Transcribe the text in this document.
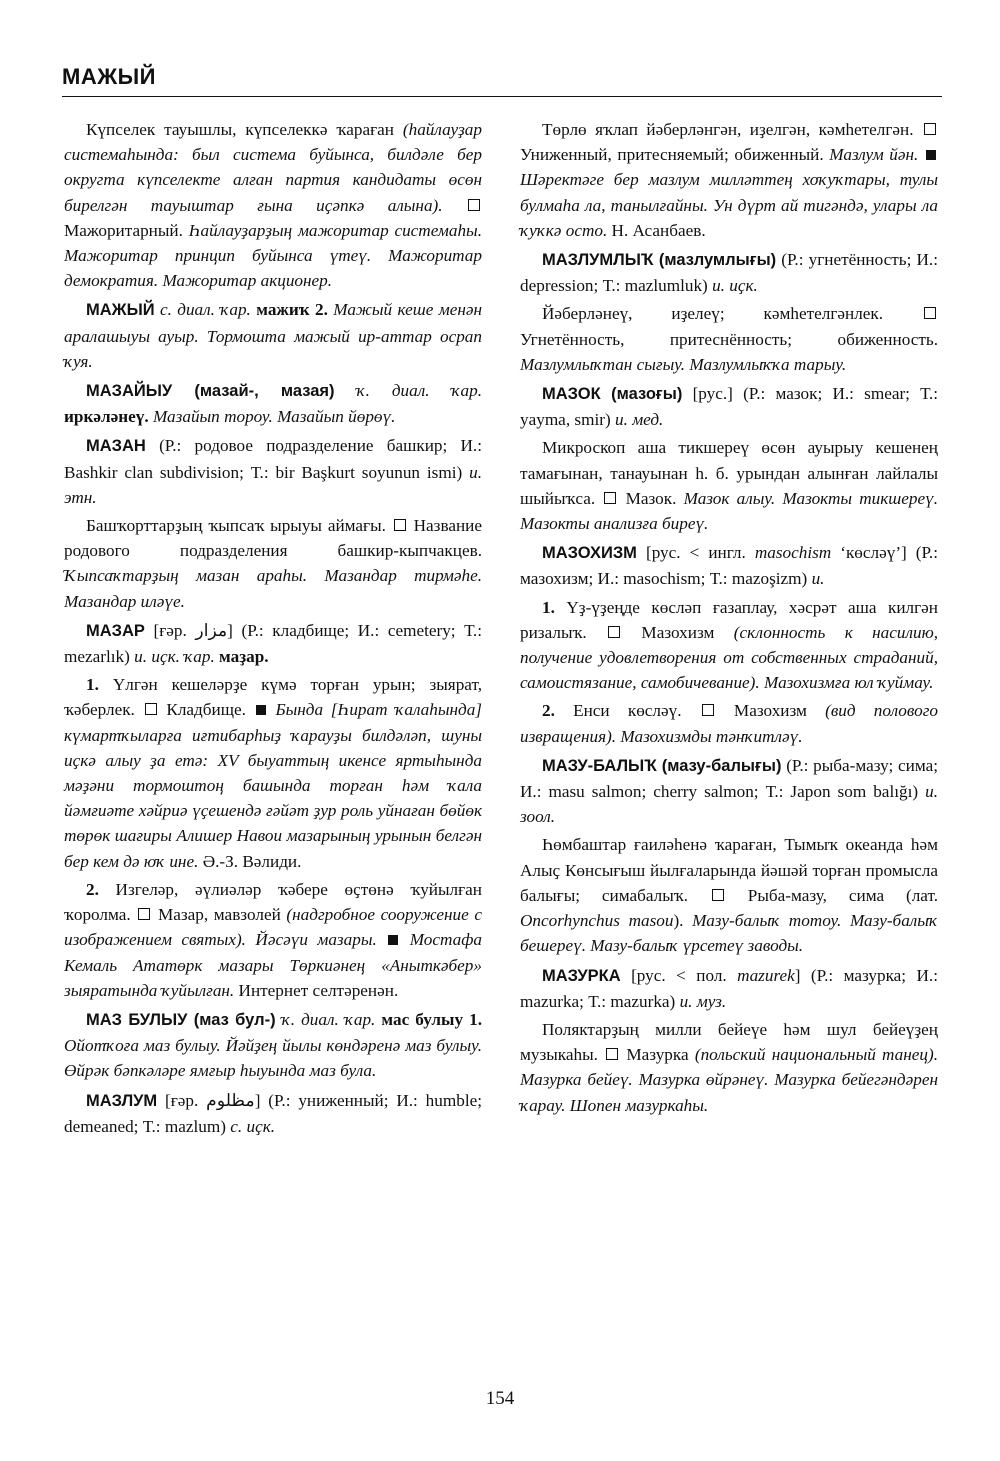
МАЖЫЙ

Күпселек тауышлы, күпселеккә ҡараған (һайлауҙар системаһында: был система буйынса, билдәле бер округта күпселекте алған партия кандидаты өсөн бирелгән тауыштар ғына иҫәпкә алына).  Мажоритарный. Һайлауҙарҙың мажоритар системаһы. Мажоритар принцип буйынса үтеү. Мажоритар демократия. Мажоритар акционер.

МАЖЫЙ с. диал. ҡар. мажиҡ 2. Мажый кеше менән аралашыуы ауыр. Тормошта мажый ир-аттар осрап ҡуя.

МАЗАЙЫУ (мазай-, мазая) ҡ. диал. ҡар. иркәләнеү. Мазайып тороу. Мазайып йөрөү.

МАЗАН (Р.: родовое подразделение башкир; И.: Bashkir clan subdivision; Т.: bir Başkurt soyunun ismi) и. этн.

Башҡорттарҙың ҡыпсаҡ ырыуы аймағы.  Название родового подразделения башкир-кыпчакцев. Ҡыпсаҡтарҙың мазан араһы. Мазандар тирмәһе. Мазандар иләүе.

МАЗАР [ғәр. مزار] (Р.: кладбище; И.: cemetery; Т.: mezarlık) и. иҫк. ҡар. маҙар.

1. Үлгән кешеләрҙе күмә торған урын; зыярат, ҡәберлек.  Кладбище.  Бында [Һират ҡалаһында] күмартҡыларға иғтибарһыҙ ҡарауҙы билдәләп, шуны иҫкә алыу ҙа етә: XV быуаттың икенсе яртыһында мәҙәни тормоштоң башында торған һәм ҡала йәмғиәте хәйриә үҫешендә ғәйәт ҙур роль уйнаған бөйөк төрөк шағиры Алишер Навои мазарының урынын белгән бер кем дә юҡ ине. Ә.-З. Вәлиди.

2. Изгеләр, әүлиәләр ҡәбере өҫтөнә ҡуйылған ҡоролма.  Мазар, мавзолей (надгробное сооружение с изображением святых). Йәсәүи мазары. Мостафа Кемаль Ататөрк мазары Төркиәнең «Аныткәбер» зыяратында ҡуйылған. Интернет селтәренән.

МАЗ БУЛЫУ (маз бул-) ҡ. диал. ҡар. мас булыу 1. Ойотҡоға маз булыу. Йәйҙең йылы көндәренә маз булыу. Өйрәк бәпкәләре ямғыр һыуында маз була.

МАЗЛУМ [ғәр. مظلوم] (Р.: униженный; И.: humble; demeaned; Т.: mazlum) с. иҫк.

Төрлө яҡлап йәберләнгән, иҙелгән, кәмһетелгән.  Униженный, притесняемый; обиженный. Мазлум йән.  Шәректәге бер мазлум милләттең хоҡуҡтары, тулы булмаһа ла, танылғайны. Ун дүрт ай тигәндә, улары ла ҡуҡкә осто. Н. Асанбаев.

МАЗЛУМЛЫҠ (мазлумлығы) (Р.: угнетённость; И.: depression; Т.: mazlumluk) и. иҫк.

Йәберләнеү, иҙелеү; кәмһетелгәнлек.  Угнетённость, притеснённость; обиженность. Мазлумлыҡтан сығыу. Мазлумлыҡҡа тарыу.

МАЗОК (мазоғы) [рус.] (Р.: мазок; И.: smear; Т.: yayma, smir) и. мед.

Микроскоп аша тикшереү өсөн ауырыу кешенең тамағынан, танауынан һ. б. урындан алынған лайлалы шыйыҡса.  Мазок. Мазок алыу. Мазокты тикшереү. Мазокты анализға биреү.

МАЗОХИЗМ [рус. < ингл. masochism ‘көсләү’] (Р.: мазохизм; И.: masochism; Т.: mazoşizm) и.

1. Үҙ-үҙеңде көсләп ғазаплау, хәсрәт аша килгән ризалыҡ.  Мазохизм (склонность к насилию, получение удовлетворения от собственных страданий, самоистязание, самобичевание). Мазохизмға юл ҡуймау.

2. Енси көсләү.  Мазохизм (вид полового извращения). Мазохизмды тәнҡитләү.

МАЗУ-БАЛЫҠ (мазу-балығы) (Р.: рыба-мазу; сима; И.: masu salmon; cherry salmon; Т.: Japon som balığı) и. зоол.

Һөмбаштар ғаиләһенә ҡараған, Тымыҡ океанда һәм Алыҫ Көнсығыш йылғаларында йәшәй торған промысла балығы; симабалыҡ.  Рыба-мазу, сима (лат. Oncorhynchus masou). Мазу-балыҡ тотоу. Мазу-балыҡ бешереү. Мазу-балыҡ үрсетеү заводы.

МАЗУРКА [рус. < пол. mazurek] (Р.: мазурка; И.: mazurka; Т.: mazurka) и. муз.

Поляктарҙың милли бейеүе һәм шул бейеүҙең музыкаһы.  Мазурка (польский национальный танец). Мазурка бейеү. Мазурка өйрәнеү. Мазурка бейегәндәрен ҡарау. Шопен мазуркаһы.

154
